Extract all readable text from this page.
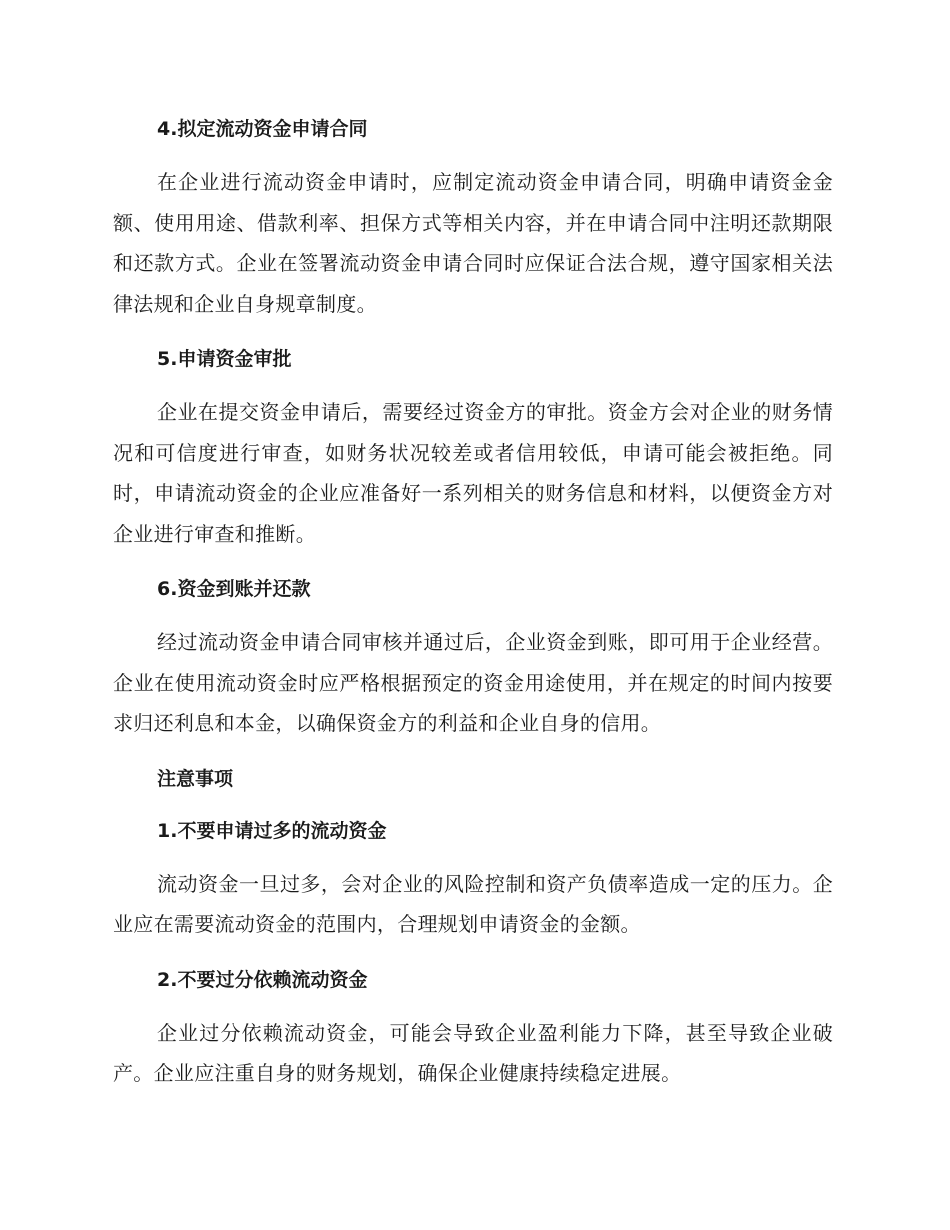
4.拟定流动资金申请合同
在企业进行流动资金申请时，应制定流动资金申请合同，明确申请资金金额、使用用途、借款利率、担保方式等相关内容，并在申请合同中注明还款期限和还款方式。企业在签署流动资金申请合同时应保证合法合规，遵守国家相关法律法规和企业自身规章制度。
5.申请资金审批
企业在提交资金申请后，需要经过资金方的审批。资金方会对企业的财务情况和可信度进行审查，如财务状况较差或者信用较低，申请可能会被拒绝。同时，申请流动资金的企业应准备好一系列相关的财务信息和材料，以便资金方对企业进行审查和推断。
6.资金到账并还款
经过流动资金申请合同审核并通过后，企业资金到账，即可用于企业经营。企业在使用流动资金时应严格根据预定的资金用途使用，并在规定的时间内按要求归还利息和本金，以确保资金方的利益和企业自身的信用。
注意事项
1.不要申请过多的流动资金
流动资金一旦过多，会对企业的风险控制和资产负债率造成一定的压力。企业应在需要流动资金的范围内，合理规划申请资金的金额。
2.不要过分依赖流动资金
企业过分依赖流动资金，可能会导致企业盈利能力下降，甚至导致企业破产。企业应注重自身的财务规划，确保企业健康持续稳定进展。
